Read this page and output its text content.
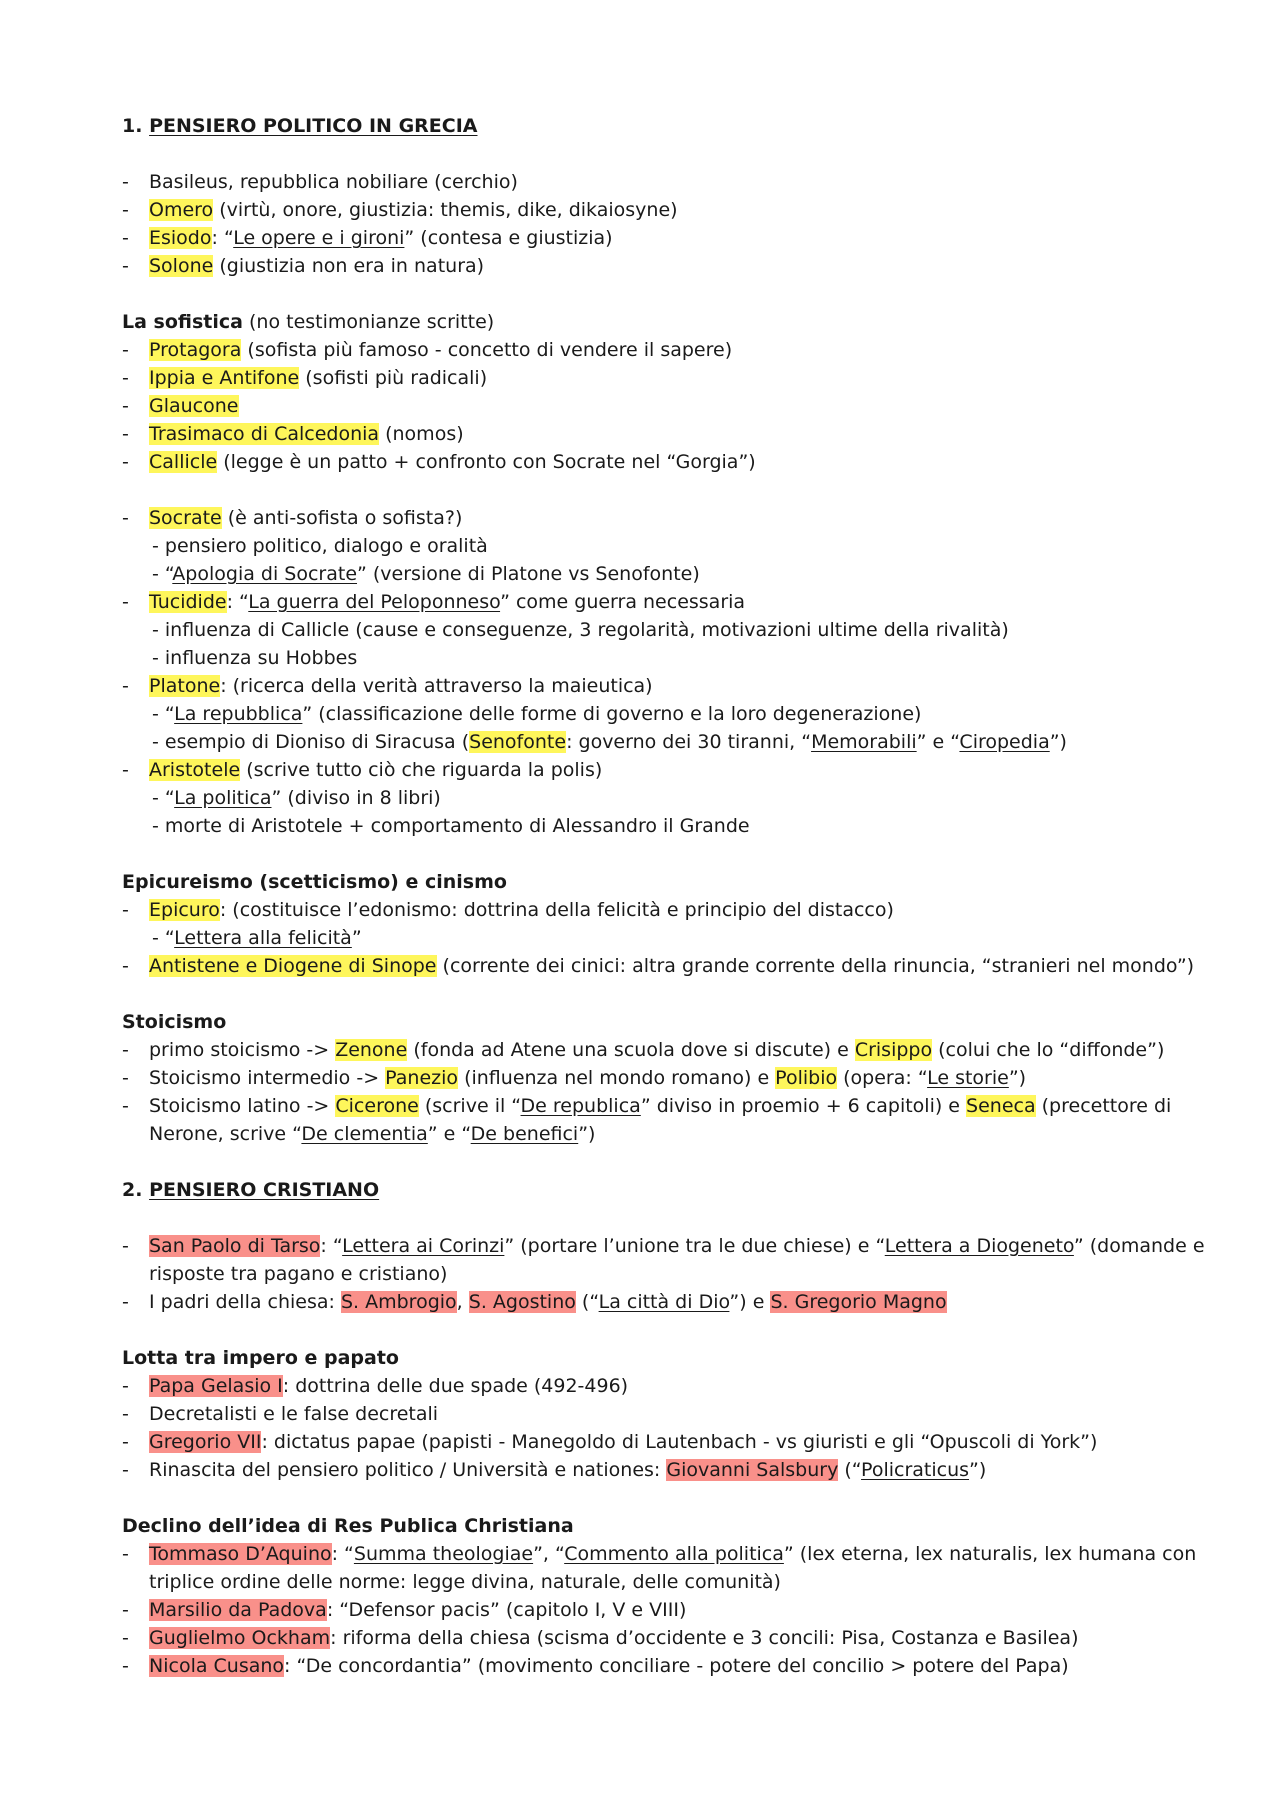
1. PENSIERO POLITICO IN GRECIA
- Basileus, repubblica nobiliare (cerchio)
- Omero (virtù, onore, giustizia: themis, dike, dikaiosyne)
- Esiodo: “Le opere e i gironi” (contesa e giustizia)
- Solone (giustizia non era in natura)
La sofistica (no testimonianze scritte)
- Protagora (sofista più famoso - concetto di vendere il sapere)
- Ippia e Antifone (sofisti più radicali)
- Glaucone
- Trasimaco di Calcedonia (nomos)
- Callicle (legge è un patto + confronto con Socrate nel “Gorgia”)
- Socrate (è anti-sofista o sofista?)
- pensiero politico, dialogo e oralità
- “Apologia di Socrate” (versione di Platone vs Senofonte)
- Tucidide: “La guerra del Peloponneso” come guerra necessaria
- influenza di Callicle (cause e conseguenze, 3 regolarità, motivazioni ultime della rivalità)
- influenza su Hobbes
- Platone: (ricerca della verità attraverso la maieutica)
- “La repubblica” (classificazione delle forme di governo e la loro degenerazione)
- esempio di Dioniso di Siracusa (Senofonte: governo dei 30 tiranni, “Memorabili” e “Ciropedia”)
- Aristotele (scrive tutto ciò che riguarda la polis)
- “La politica” (diviso in 8 libri)
- morte di Aristotele + comportamento di Alessandro il Grande
Epicureismo (scetticismo) e cinismo
- Epicuro: (costituisce l’edonismo: dottrina della felicità e principio del distacco)
- “Lettera alla felicità”
- Antistene e Diogene di Sinope (corrente dei cinici: altra grande corrente della rinuncia, “stranieri nel mondo”)
Stoicismo
- primo stoicismo -> Zenone (fonda ad Atene una scuola dove si discute) e Crisippo (colui che lo “diffonde”)
- Stoicismo intermedio -> Panezio (influenza nel mondo romano) e Polibio (opera: “Le storie”)
- Stoicismo latino -> Cicerone (scrive il “De republica” diviso in proemio + 6 capitoli) e Seneca (precettore di
Nerone, scrive “De clementia” e “De benefici”)
2. PENSIERO CRISTIANO
- San Paolo di Tarso: “Lettera ai Corinzi” (portare l’unione tra le due chiese) e “Lettera a Diogeneto” (domande e
risposte tra pagano e cristiano)
- I padri della chiesa: S. Ambrogio, S. Agostino (“La città di Dio”) e S. Gregorio Magno
Lotta tra impero e papato
- Papa Gelasio I: dottrina delle due spade (492-496)
- Decretalisti e le false decretali
- Gregorio VII: dictatus papae (papisti - Manegoldo di Lautenbach - vs giuristi e gli “Opuscoli di York”)
- Rinascita del pensiero politico / Università e nationes: Giovanni Salsbury (“Policraticus”)
Declino dell’idea di Res Publica Christiana
- Tommaso D’Aquino: “Summa theologiae”, “Commento alla politica” (lex eterna, lex naturalis, lex humana con
triplice ordine delle norme: legge divina, naturale, delle comunità)
- Marsilio da Padova: “Defensor pacis” (capitolo I, V e VIII)
- Guglielmo Ockham: riforma della chiesa (scisma d’occidente e 3 concili: Pisa, Costanza e Basilea)
- Nicola Cusano: “De concordantia” (movimento conciliare - potere del concilio > potere del Papa)
